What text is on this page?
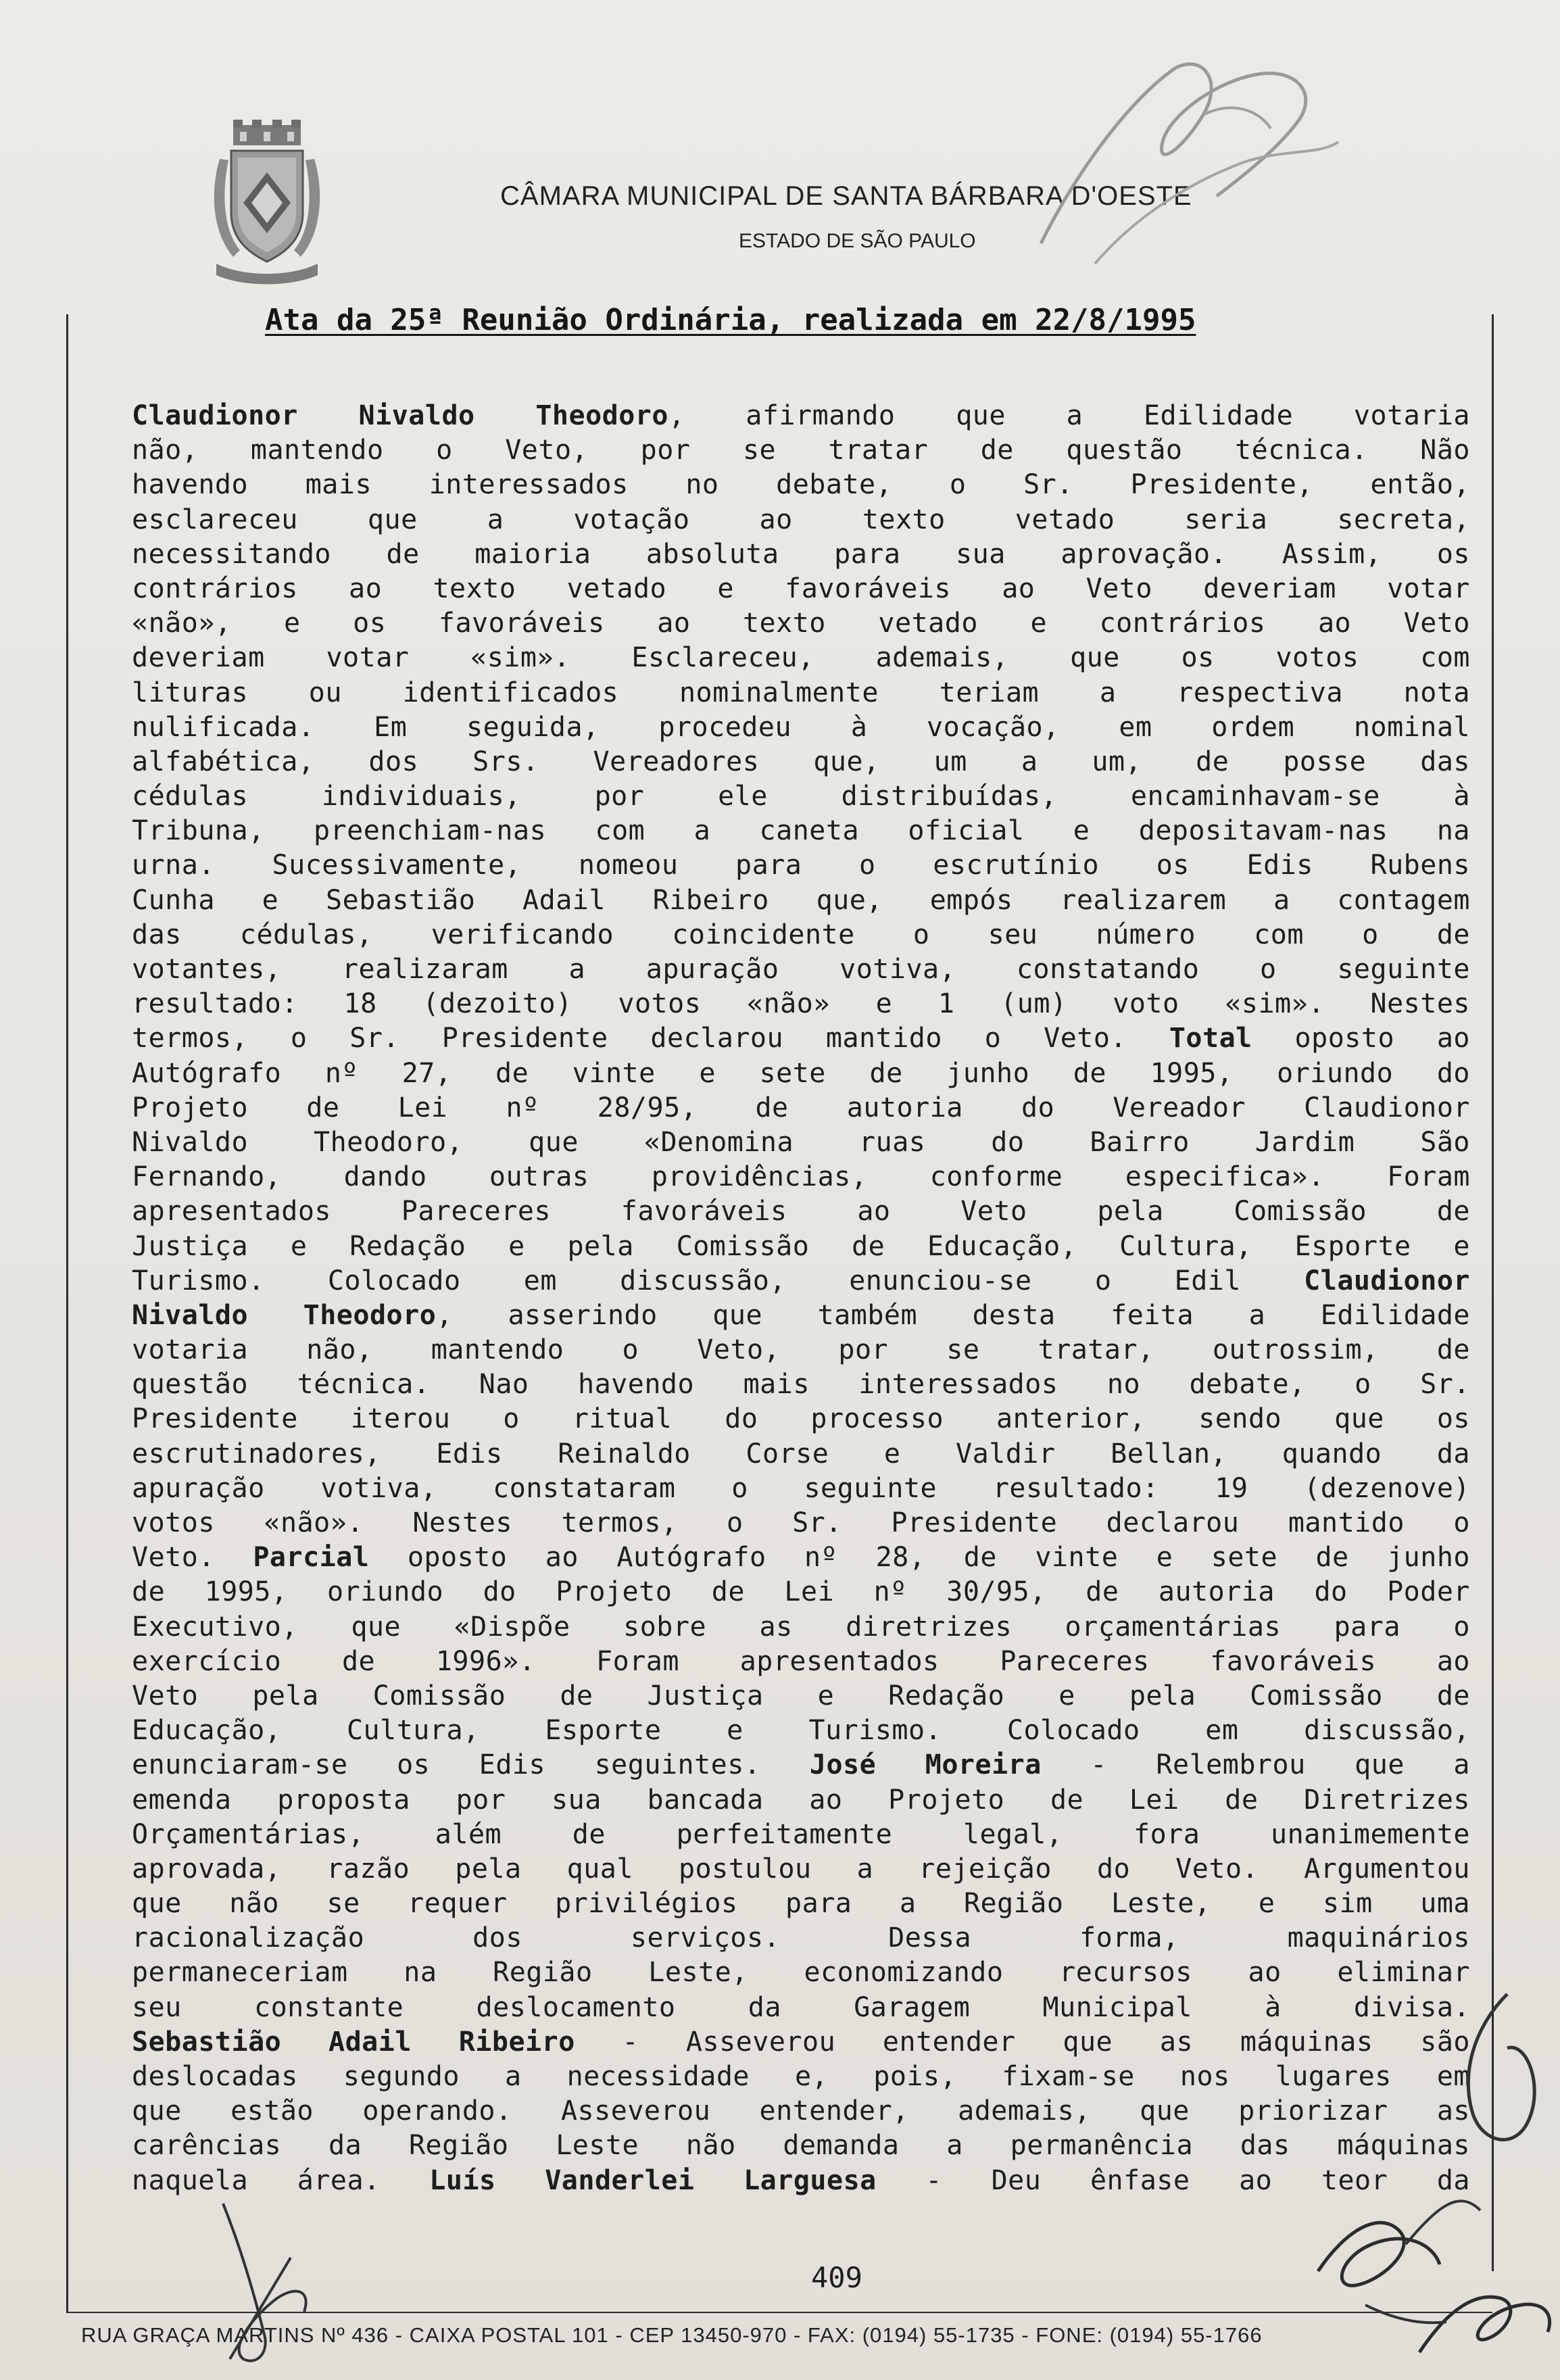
CÂMARA MUNICIPAL DE SANTA BÁRBARA D'OESTE
ESTADO DE SÃO PAULO
Ata da 25ª Reunião Ordinária, realizada em 22/8/1995
Claudionor Nivaldo Theodoro, afirmando que a Edilidade votaria
não, mantendo o Veto, por se tratar de questão técnica. Não
havendo mais interessados no debate, o Sr. Presidente, então,
esclareceu que a votação ao texto vetado seria secreta,
necessitando de maioria absoluta para sua aprovação. Assim, os
contrários ao texto vetado e favoráveis ao Veto deveriam votar
«não», e os favoráveis ao texto vetado e contrários ao Veto
deveriam votar «sim». Esclareceu, ademais, que os votos com
lituras ou identificados nominalmente teriam a respectiva nota
nulificada. Em seguida, procedeu à vocação, em ordem nominal
alfabética, dos Srs. Vereadores que, um a um, de posse das
cédulas individuais, por ele distribuídas, encaminhavam-se à
Tribuna, preenchiam-nas com a caneta oficial e depositavam-nas na
urna. Sucessivamente, nomeou para o escrutínio os Edis Rubens
Cunha e Sebastião Adail Ribeiro que, empós realizarem a contagem
das cédulas, verificando coincidente o seu número com o de
votantes, realizaram a apuração votiva, constatando o seguinte
resultado: 18 (dezoito) votos «não» e 1 (um) voto «sim». Nestes
termos, o Sr. Presidente declarou mantido o Veto. Total oposto ao
Autógrafo nº 27, de vinte e sete de junho de 1995, oriundo do
Projeto de Lei nº 28/95, de autoria do Vereador Claudionor
Nivaldo Theodoro, que «Denomina ruas do Bairro Jardim São
Fernando, dando outras providências, conforme especifica». Foram
apresentados Pareceres favoráveis ao Veto pela Comissão de
Justiça e Redação e pela Comissão de Educação, Cultura, Esporte e
Turismo. Colocado em discussão, enunciou-se o Edil Claudionor
Nivaldo Theodoro, asserindo que também desta feita a Edilidade
votaria não, mantendo o Veto, por se tratar, outrossim, de
questão técnica. Nao havendo mais interessados no debate, o Sr.
Presidente iterou o ritual do processo anterior, sendo que os
escrutinadores, Edis Reinaldo Corse e Valdir Bellan, quando da
apuração votiva, constataram o seguinte resultado: 19 (dezenove)
votos «não». Nestes termos, o Sr. Presidente declarou mantido o
Veto. Parcial oposto ao Autógrafo nº 28, de vinte e sete de junho
de 1995, oriundo do Projeto de Lei nº 30/95, de autoria do Poder
Executivo, que «Dispõe sobre as diretrizes orçamentárias para o
exercício de 1996». Foram apresentados Pareceres favoráveis ao
Veto pela Comissão de Justiça e Redação e pela Comissão de
Educação, Cultura, Esporte e Turismo. Colocado em discussão,
enunciaram-se os Edis seguintes. José Moreira - Relembrou que a
emenda proposta por sua bancada ao Projeto de Lei de Diretrizes
Orçamentárias, além de perfeitamente legal, fora unanimemente
aprovada, razão pela qual postulou a rejeição do Veto. Argumentou
que não se requer privilégios para a Região Leste, e sim uma
racionalização dos serviços. Dessa forma, maquinários
permaneceriam na Região Leste, economizando recursos ao eliminar
seu constante deslocamento da Garagem Municipal à divisa.
Sebastião Adail Ribeiro - Asseverou entender que as máquinas são
deslocadas segundo a necessidade e, pois, fixam-se nos lugares em
que estão operando. Asseverou entender, ademais, que priorizar as
carências da Região Leste não demanda a permanência das máquinas
naquela área. Luís Vanderlei Larguesa - Deu ênfase ao teor da
409
RUA GRAÇA MARTINS Nº 436 - CAIXA POSTAL 101 - CEP 13450-970 - FAX: (0194) 55-1735 - FONE: (0194) 55-1766
